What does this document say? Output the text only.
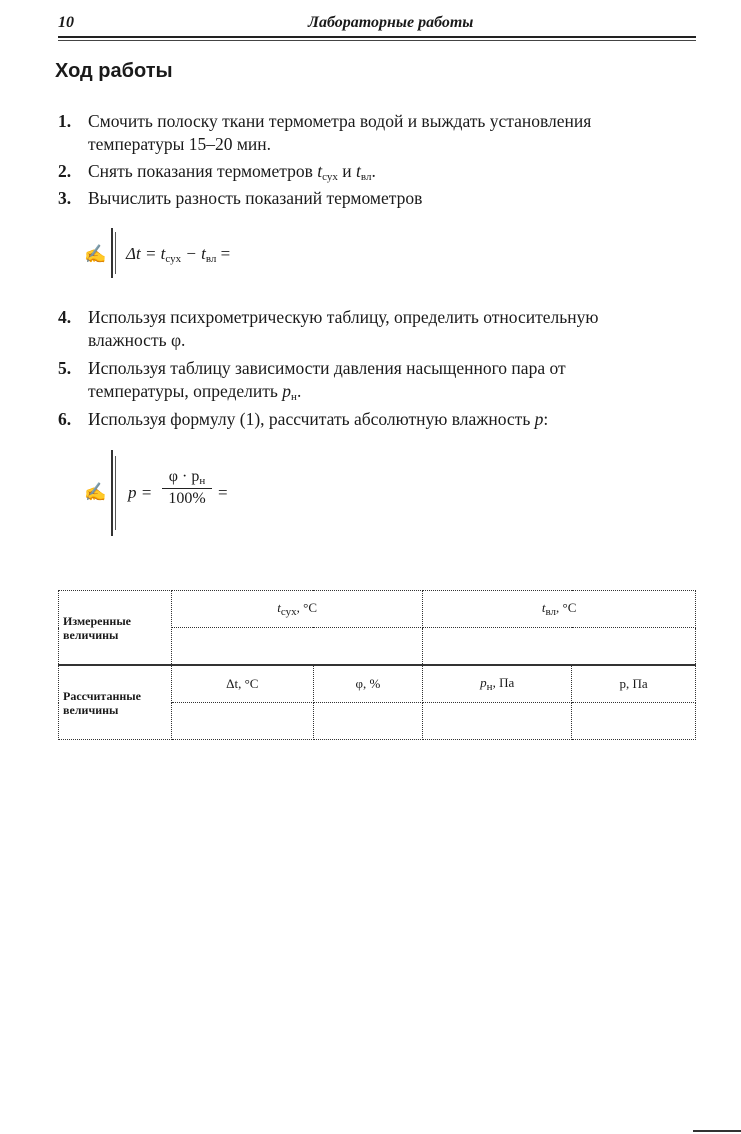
10	Лабораторные работы
Ход работы
1. Смочить полоску ткани термометра водой и выждать установления
температуры 15–20 мин.
2. Снять показания термометров $t_{сух}$ и $t_{вл}$.
3. Вычислить разность показаний термометров
✍ $\Delta t = t_{сух} - t_{вл}$ =
4. Используя психрометрическую таблицу, определить относительную
влажность φ.
5. Используя таблицу зависимости давления насыщенного пара от
температуры, определить $p_н$.
6. Используя формулу (1), рассчитать абсолютную влажность p:
✍ p =
$\varphi \cdot p_н$
100% =
Измеренные
величины	$t_{сух}$, °С		$t_{вл}$, °С	

Рассчитанные
величины	Δt, °С	φ, %	$p_н$, Па	p, Па
